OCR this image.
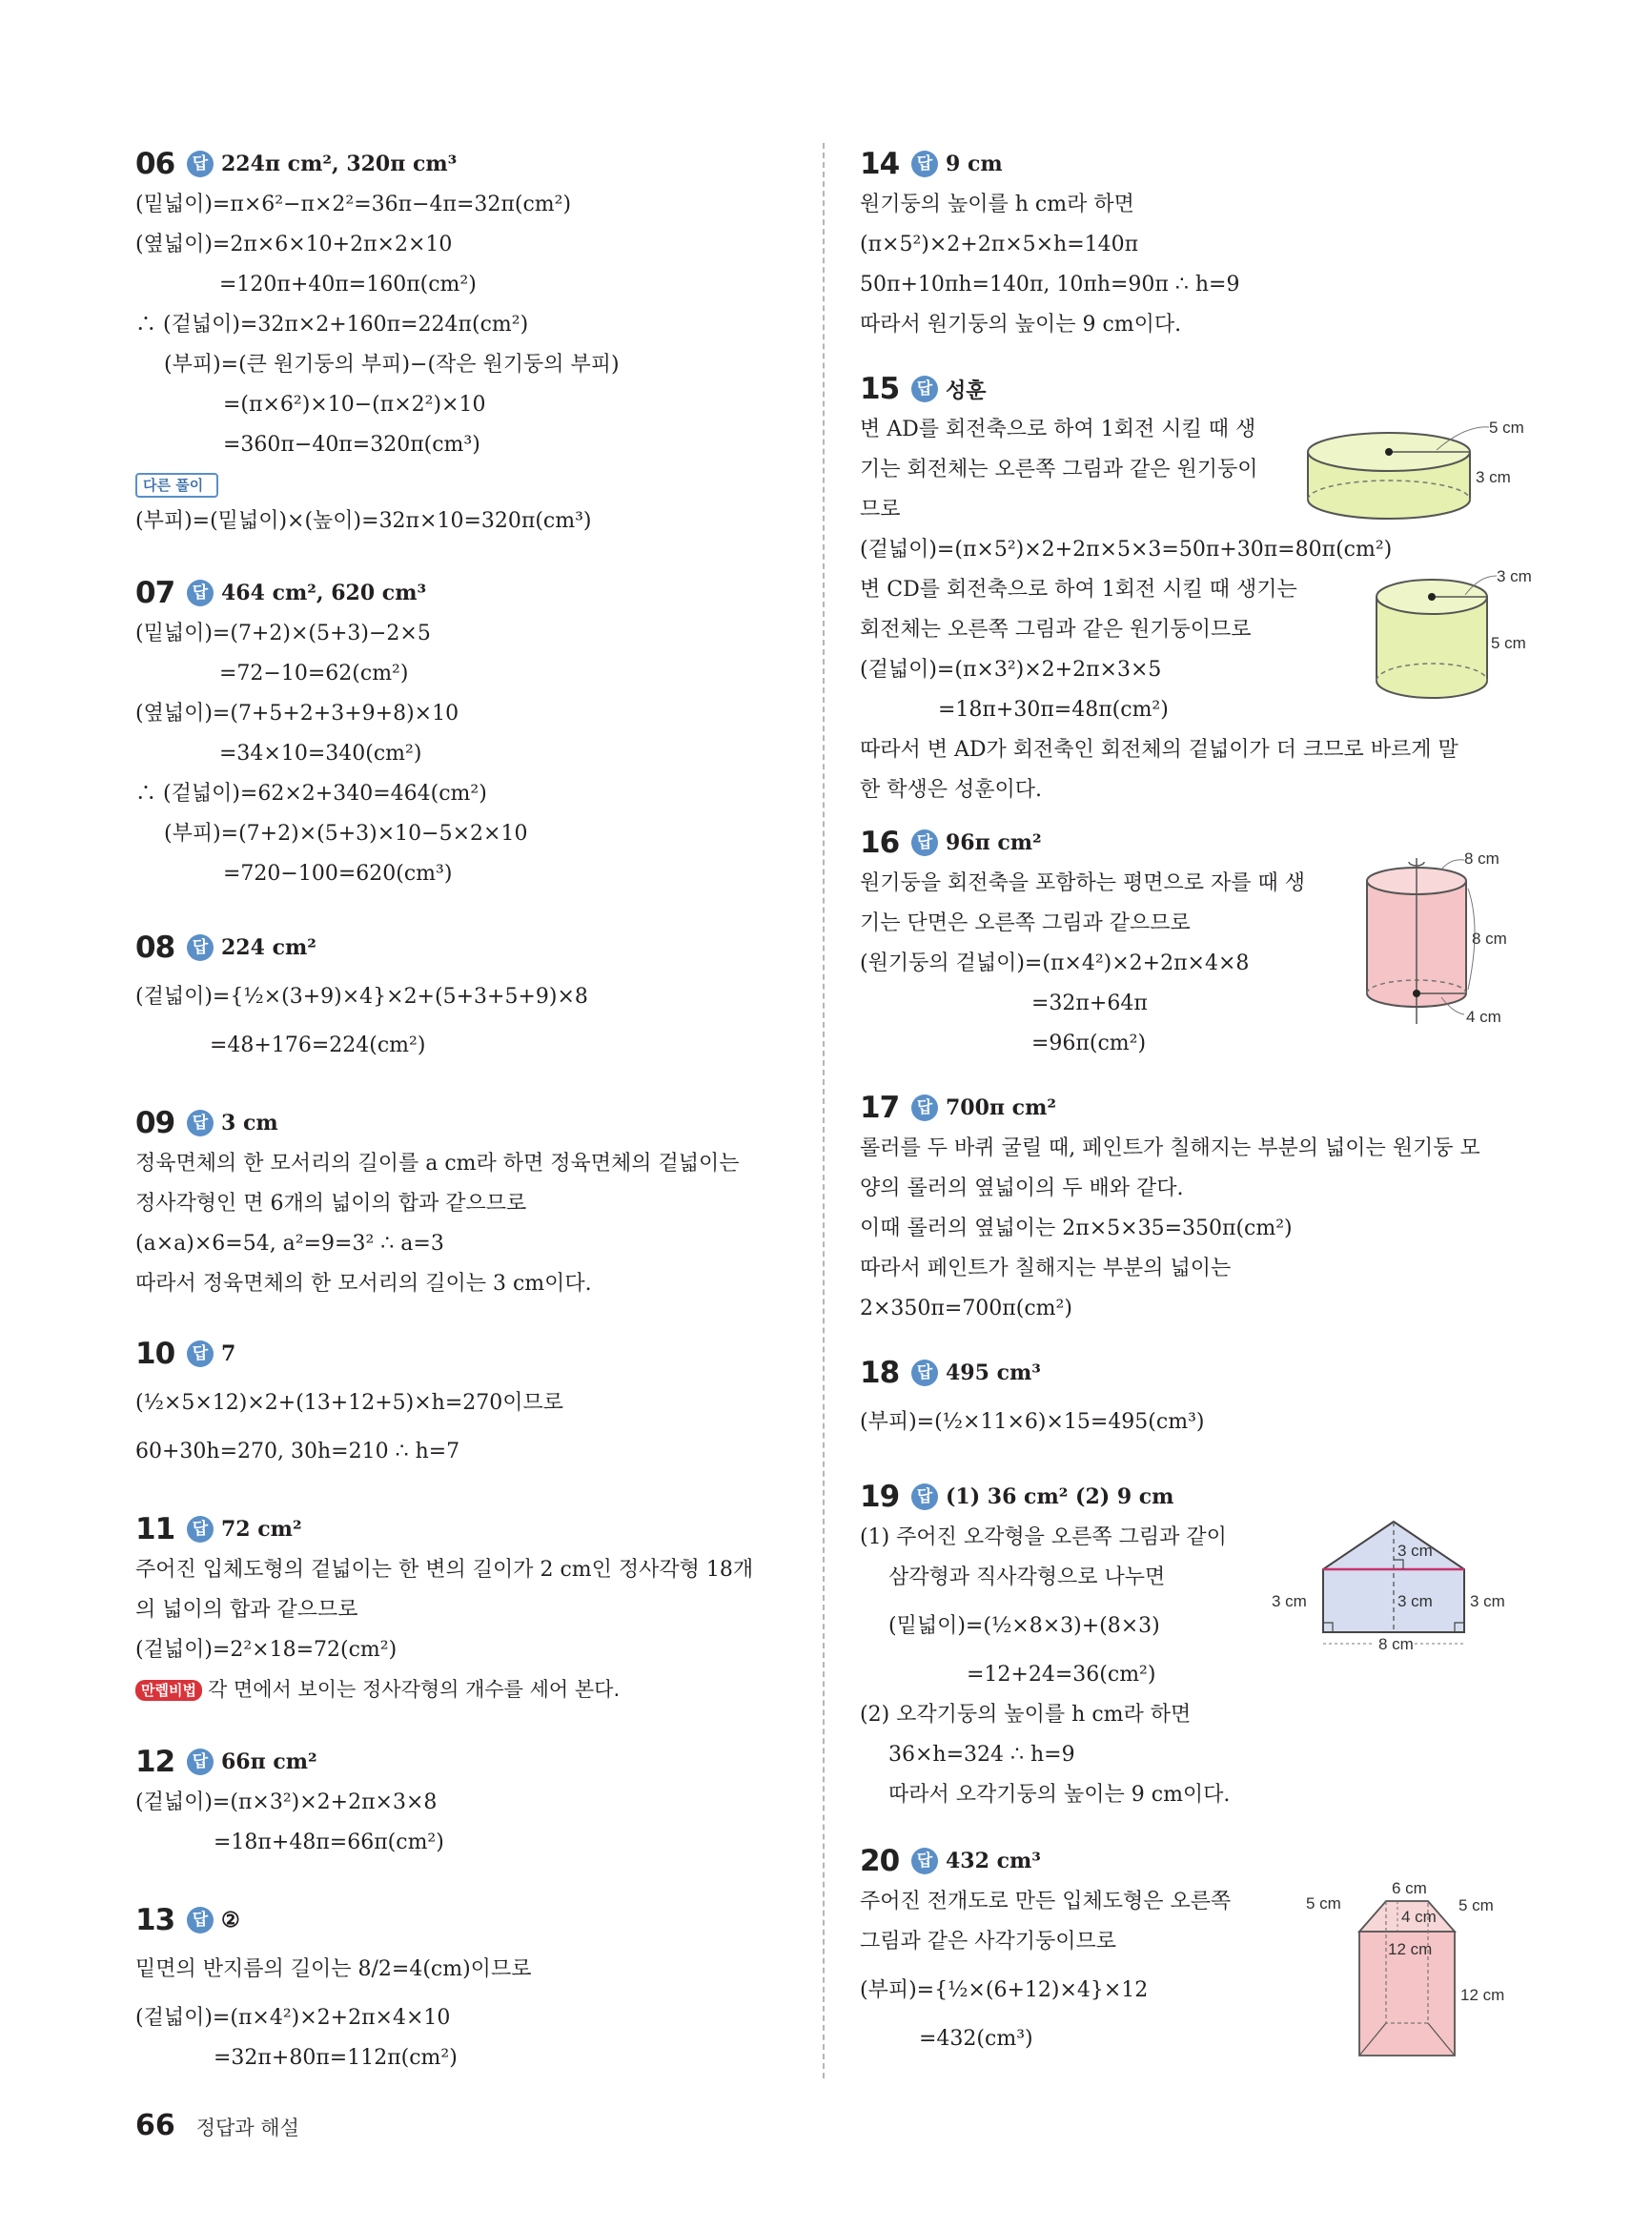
06	답 224π cm², 320π cm³
(밑넓이)=π×6²−π×2²=36π−4π=32π(cm²)
(옆넓이)=2π×6×10+2π×2×10
=120π+40π=160π(cm²)
∴ (겉넓이)=32π×2+160π=224π(cm²)
(부피)=(큰 원기둥의 부피)−(작은 원기둥의 부피)
=(π×6²)×10−(π×2²)×10
=360π−40π=320π(cm³)
다른 풀이
(부피)=(밑넓이)×(높이)=32π×10=320π(cm³)
07	답 464 cm², 620 cm³
(밑넓이)=(7+2)×(5+3)−2×5
=72−10=62(cm²)
(옆넓이)=(7+5+2+3+9+8)×10
=34×10=340(cm²)
∴ (겉넓이)=62×2+340=464(cm²)
(부피)=(7+2)×(5+3)×10−5×2×10
=720−100=620(cm³)
08	답 224 cm²
(겉넓이)={½×(3+9)×4}×2+(5+3+5+9)×8
=48+176=224(cm²)
09	답 3 cm
정육면체의 한 모서리의 길이를 a cm라 하면 정육면체의 겉넓이는
정사각형인 면 6개의 넓이의 합과 같으므로
(a×a)×6=54, a²=9=3² ∴ a=3
따라서 정육면체의 한 모서리의 길이는 3 cm이다.
10	답 7
(½×5×12)×2+(13+12+5)×h=270이므로
60+30h=270, 30h=210 ∴ h=7
11	답 72 cm²
주어진 입체도형의 겉넓이는 한 변의 길이가 2 cm인 정사각형 18개
의 넓이의 합과 같으므로
(겉넓이)=2²×18=72(cm²)
만렙비법 각 면에서 보이는 정사각형의 개수를 세어 본다.
12	답 66π cm²
(겉넓이)=(π×3²)×2+2π×3×8
=18π+48π=66π(cm²)
13	답 ②
밑면의 반지름의 길이는 8/2=4(cm)이므로
(겉넓이)=(π×4²)×2+2π×4×10
=32π+80π=112π(cm²)
14	답 9 cm
원기둥의 높이를 h cm라 하면
(π×5²)×2+2π×5×h=140π
50π+10πh=140π, 10πh=90π ∴ h=9
따라서 원기둥의 높이는 9 cm이다.
15	답 성훈
변 AD를 회전축으로 하여 1회전 시킬 때 생
기는 회전체는 오른쪽 그림과 같은 원기둥이
므로
(겉넓이)=(π×5²)×2+2π×5×3=50π+30π=80π(cm²)
변 CD를 회전축으로 하여 1회전 시킬 때 생기는
회전체는 오른쪽 그림과 같은 원기둥이므로
(겉넓이)=(π×3²)×2+2π×3×5
=18π+30π=48π(cm²)
따라서 변 AD가 회전축인 회전체의 겉넓이가 더 크므로 바르게 말
한 학생은 성훈이다.
5 cm
3 cm
3 cm
5 cm
16	답 96π cm²
원기둥을 회전축을 포함하는 평면으로 자를 때 생
기는 단면은 오른쪽 그림과 같으므로
(원기둥의 겉넓이)=(π×4²)×2+2π×4×8
=32π+64π
=96π(cm²)
8 cm
8 cm
4 cm
17	답 700π cm²
롤러를 두 바퀴 굴릴 때, 페인트가 칠해지는 부분의 넓이는 원기둥 모
양의 롤러의 옆넓이의 두 배와 같다.
이때 롤러의 옆넓이는 2π×5×35=350π(cm²)
따라서 페인트가 칠해지는 부분의 넓이는
2×350π=700π(cm²)
18	답 495 cm³
(부피)=(½×11×6)×15=495(cm³)
19	답 (1) 36 cm² (2) 9 cm
(1) 주어진 오각형을 오른쪽 그림과 같이
삼각형과 직사각형으로 나누면
(밑넓이)=(½×8×3)+(8×3)
=12+24=36(cm²)
(2) 오각기둥의 높이를 h cm라 하면
36×h=324 ∴ h=9
따라서 오각기둥의 높이는 9 cm이다.
3 cm
3 cm
3 cm	3 cm
8 cm
20	답 432 cm³
주어진 전개도로 만든 입체도형은 오른쪽
그림과 같은 사각기둥이므로
(부피)={½×(6+12)×4}×12
=432(cm³)
6 cm
5 cm	5 cm
4 cm
12 cm
12 cm
66 정답과 해설
